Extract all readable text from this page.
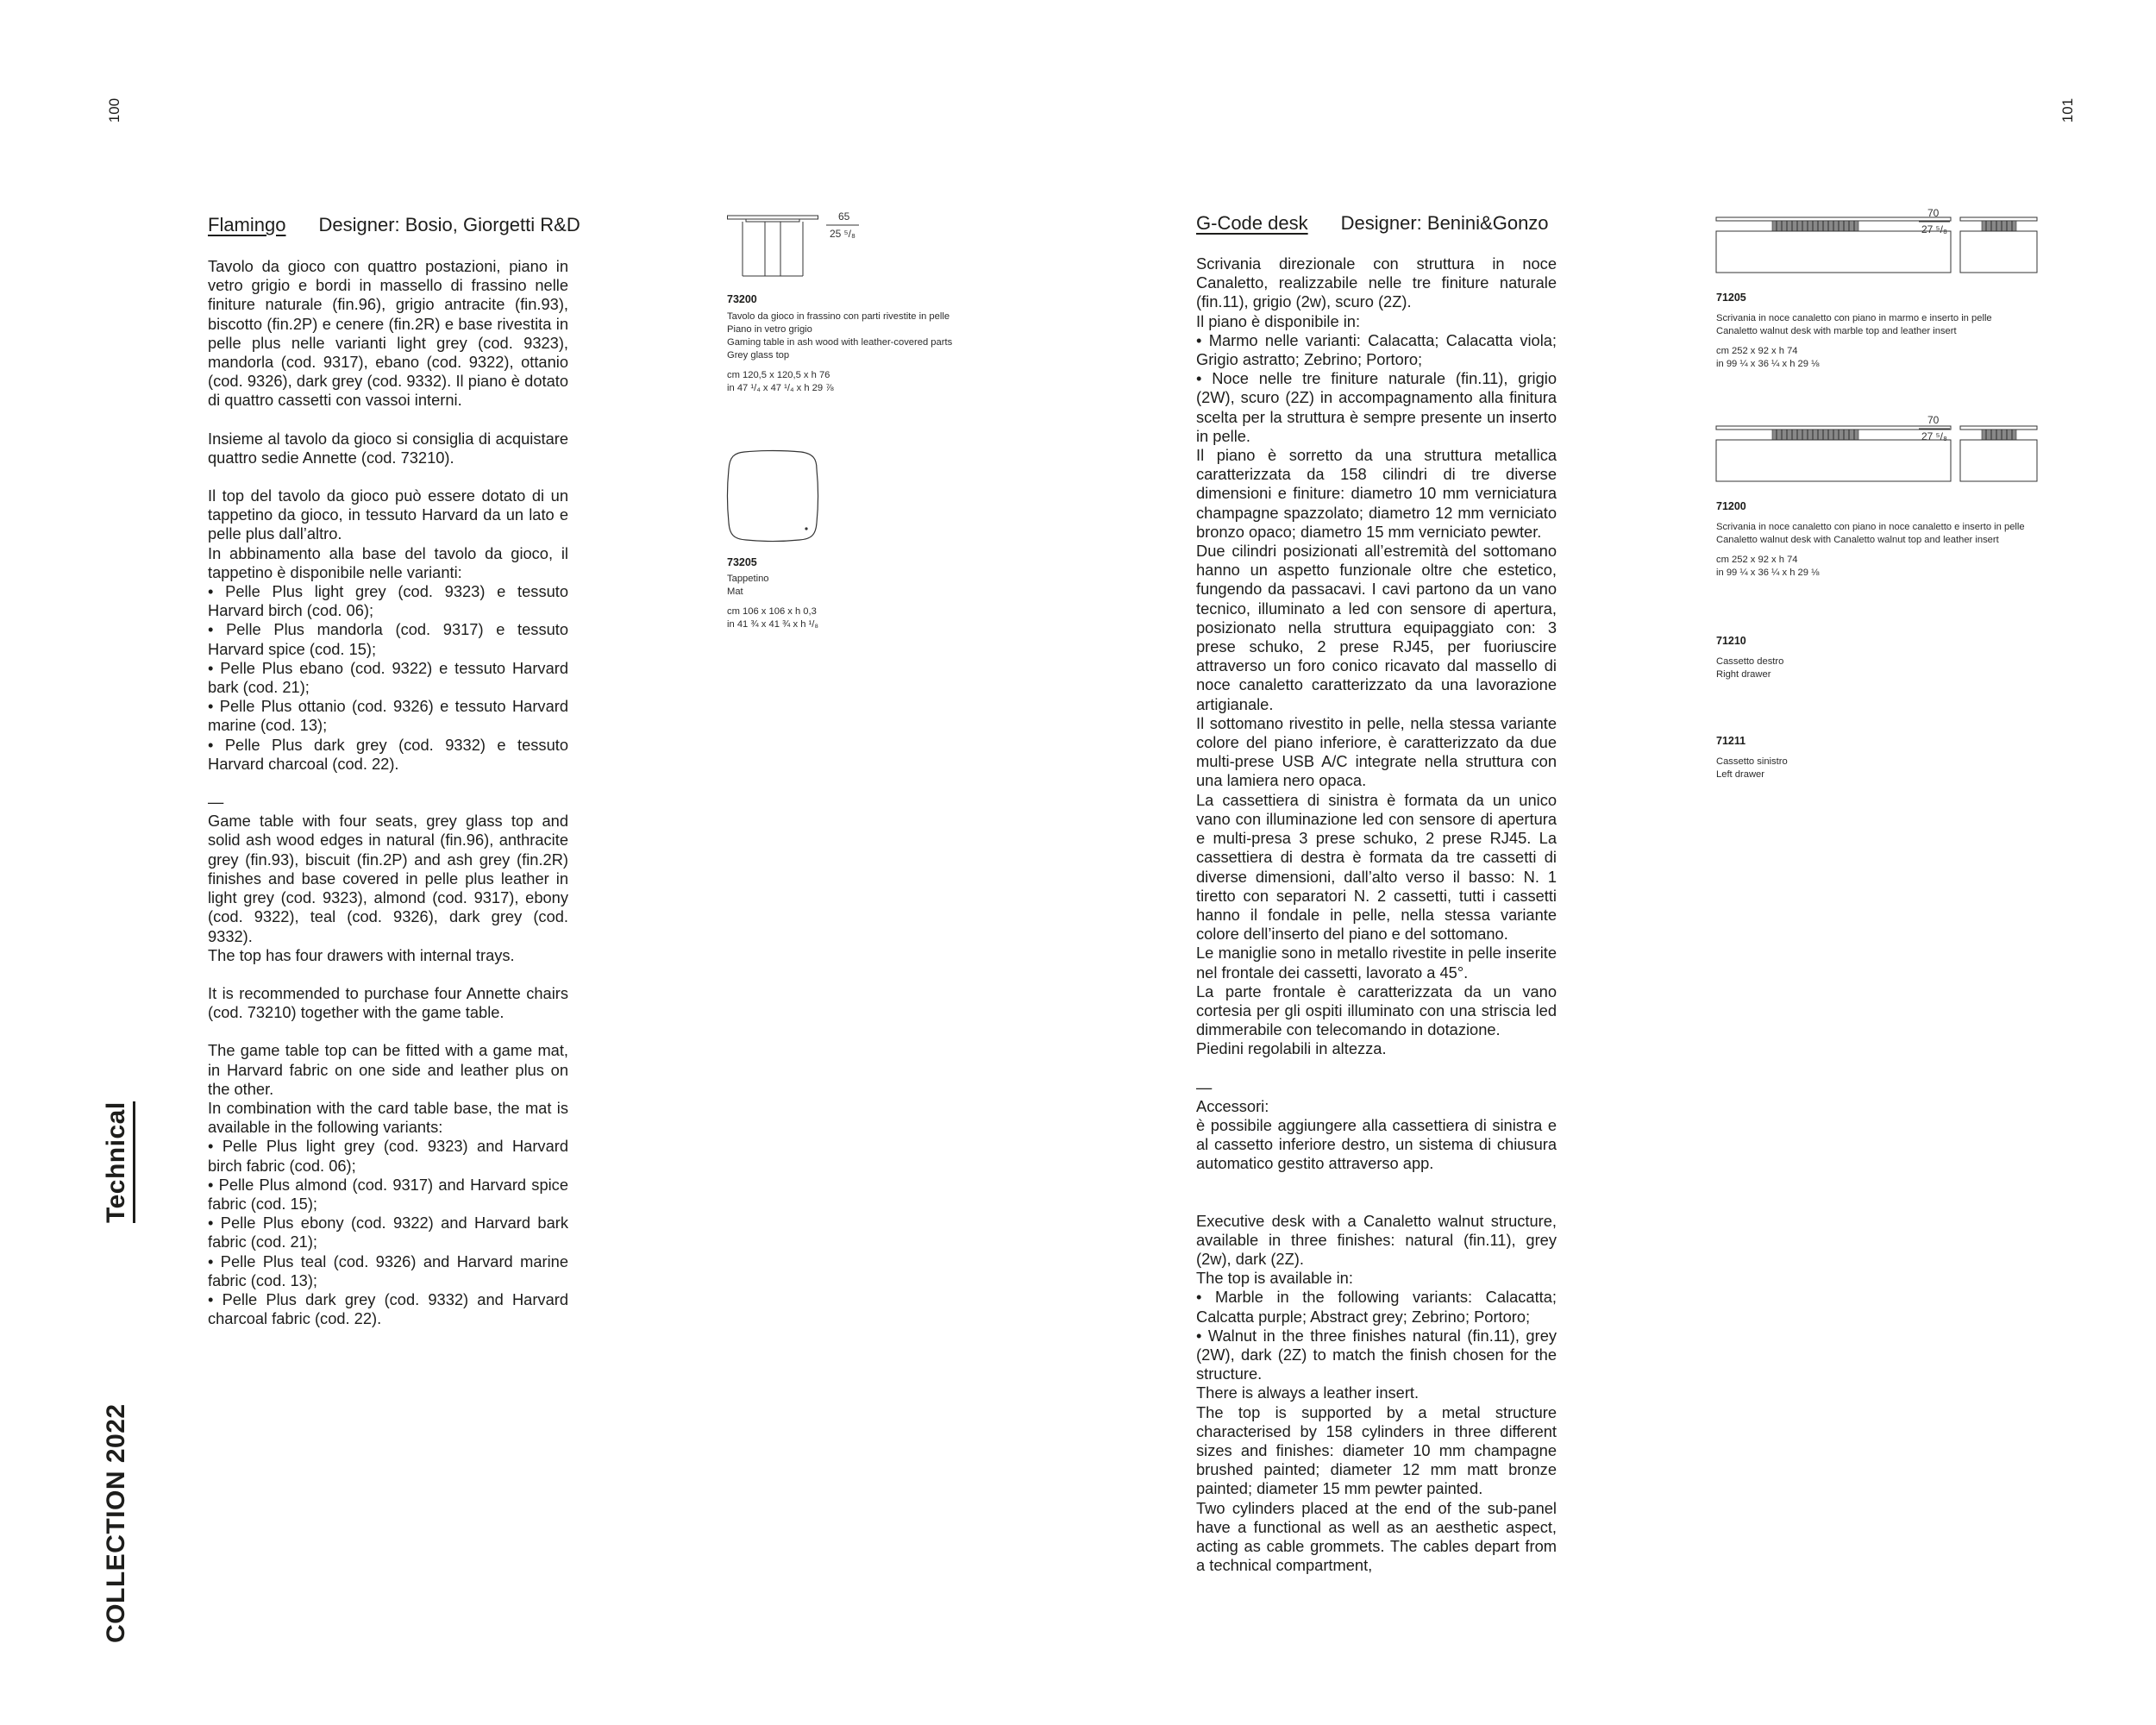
100	101
Technical
COLLECTION 2022
Flamingo Designer: Bosio, Giorgetti R&D

Tavolo da gioco con quattro postazioni, piano in vetro grigio e bordi in massello di frassino nelle finiture naturale (fin.96), grigio antracite (fin.93), biscotto (fin.2P) e cenere (fin.2R) e base rivestita in pelle plus nelle varianti light grey (cod. 9323), mandorla (cod. 9317), ebano (cod. 9322), ottanio (cod. 9326), dark grey (cod. 9332). Il piano è dotato di quattro cassetti con vassoi interni.

Insieme al tavolo da gioco si consiglia di acquistare quattro sedie Annette (cod. 73210).

Il top del tavolo da gioco può essere dotato di un tappetino da gioco, in tessuto Harvard da un lato e pelle plus dall’altro.

In abbinamento alla base del tavolo da gioco, il tappetino è disponibile nelle varianti:

• Pelle Plus light grey (cod. 9323) e tessuto Harvard birch (cod. 06);

• Pelle Plus mandorla (cod. 9317) e tessuto Harvard spice (cod. 15);

• Pelle Plus ebano (cod. 9322) e tessuto Harvard bark (cod. 21);

• Pelle Plus ottanio (cod. 9326) e tessuto Harvard marine (cod. 13);

• Pelle Plus dark grey (cod. 9332) e tessuto Harvard charcoal (cod. 22).

—

Game table with four seats, grey glass top and solid ash wood edges in natural (fin.96), anthracite grey (fin.93), biscuit (fin.2P) and ash grey (fin.2R) finishes and base covered in pelle plus leather in light grey (cod. 9323), almond (cod. 9317), ebony (cod. 9322), teal (cod. 9326), dark grey (cod. 9332).

The top has four drawers with internal trays.

It is recommended to purchase four Annette chairs (cod. 73210) together with the game table.

The game table top can be fitted with a game mat, in Harvard fabric on one side and leather plus on the other.

In combination with the card table base, the mat is available in the following variants:

• Pelle Plus light grey (cod. 9323) and Harvard birch fabric (cod. 06);

• Pelle Plus almond (cod. 9317) and Harvard spice fabric (cod. 15);

• Pelle Plus ebony (cod. 9322) and Harvard bark fabric (cod. 21);

• Pelle Plus teal (cod. 9326) and Harvard marine fabric (cod. 13);

• Pelle Plus dark grey (cod. 9332) and Harvard charcoal fabric (cod. 22).

65
25 ⁵/₈
73200
Tavolo da gioco in frassino con parti rivestite in pelle
Piano in vetro grigio
Gaming table in ash wood with leather-covered parts
Grey glass top
cm 120,5 x 120,5 x h 76
in 47 ¹/₄ x 47 ¹/₄ x h 29 ⅞
73205
Tappetino
Mat
cm 106 x 106 x h 0,3
in 41 ¾ x 41 ¾ x h ¹/₈
G-Code desk Designer: Benini&Gonzo

Scrivania direzionale con struttura in noce Canaletto, realizzabile nelle tre finiture naturale (fin.11), grigio (2w), scuro (2Z).

Il piano è disponibile in:

• Marmo nelle varianti: Calacatta; Calacatta viola; Grigio astratto; Zebrino; Portoro;

• Noce nelle tre finiture naturale (fin.11), grigio (2W), scuro (2Z) in accompagnamento alla finitura scelta per la struttura è sempre presente un inserto in pelle.

Il piano è sorretto da una struttura metallica caratterizzata da 158 cilindri di tre diverse dimensioni e finiture: diametro 10 mm verniciatura champagne spazzolato; diametro 12 mm verniciato bronzo opaco; diametro 15 mm verniciato pewter.

Due cilindri posizionati all’estremità del sottomano hanno un aspetto funzionale oltre che estetico, fungendo da passacavi. I cavi partono da un vano tecnico, illuminato a led con sensore di apertura, posizionato nella struttura equipaggiato con: 3 prese schuko, 2 prese RJ45, per fuoriuscire attraverso un foro conico ricavato dal massello di noce canaletto caratterizzato da una lavorazione artigianale.

Il sottomano rivestito in pelle, nella stessa variante colore del piano inferiore, è caratterizzato da due multi-prese USB A/C integrate nella struttura con una lamiera nero opaca.

La cassettiera di sinistra è formata da un unico vano con illuminazione led con sensore di apertura e multi-presa 3 prese schuko, 2 prese RJ45. La cassettiera di destra è formata da tre cassetti di diverse dimensioni, dall’alto verso il basso: N. 1 tiretto con separatori N. 2 cassetti, tutti i cassetti hanno il fondale in pelle, nella stessa variante colore dell’inserto del piano e del sottomano.

Le maniglie sono in metallo rivestite in pelle inserite nel frontale dei cassetti, lavorato a 45°.

La parte frontale è caratterizzata da un vano cortesia per gli ospiti illuminato con una striscia led dimmerabile con telecomando in dotazione.

Piedini regolabili in altezza.

—

Accessori:

è possibile aggiungere alla cassettiera di sinistra e al cassetto inferiore destro, un sistema di chiusura automatico gestito attraverso app.

Executive desk with a Canaletto walnut structure, available in three finishes: natural (fin.11), grey (2w), dark (2Z).

The top is available in:

• Marble in the following variants: Calacatta; Calcatta purple; Abstract grey; Zebrino; Portoro;

• Walnut in the three finishes natural (fin.11), grey (2W), dark (2Z) to match the finish chosen for the structure.

There is always a leather insert.

The top is supported by a metal structure characterised by 158 cylinders in three different sizes and finishes: diameter 10 mm champagne brushed painted; diameter 12 mm matt bronze painted; diameter 15 mm pewter painted.

Two cylinders placed at the end of the sub-panel have a functional as well as an aesthetic aspect, acting as cable grommets. The cables depart from a technical compartment,

70
27 ⁵/₈
71205
Scrivania in noce canaletto con piano in marmo e inserto in pelle
Canaletto walnut desk with marble top and leather insert
cm 252 x 92 x h 74
in 99 ¼ x 36 ¼ x h 29 ⅛
70
27 ⁵/₈
71200
Scrivania in noce canaletto con piano in noce canaletto e inserto in pelle
Canaletto walnut desk with Canaletto walnut top and leather insert
cm 252 x 92 x h 74
in 99 ¼ x 36 ¼ x h 29 ⅛
71210
Cassetto destro
Right drawer
71211
Cassetto sinistro
Left drawer
